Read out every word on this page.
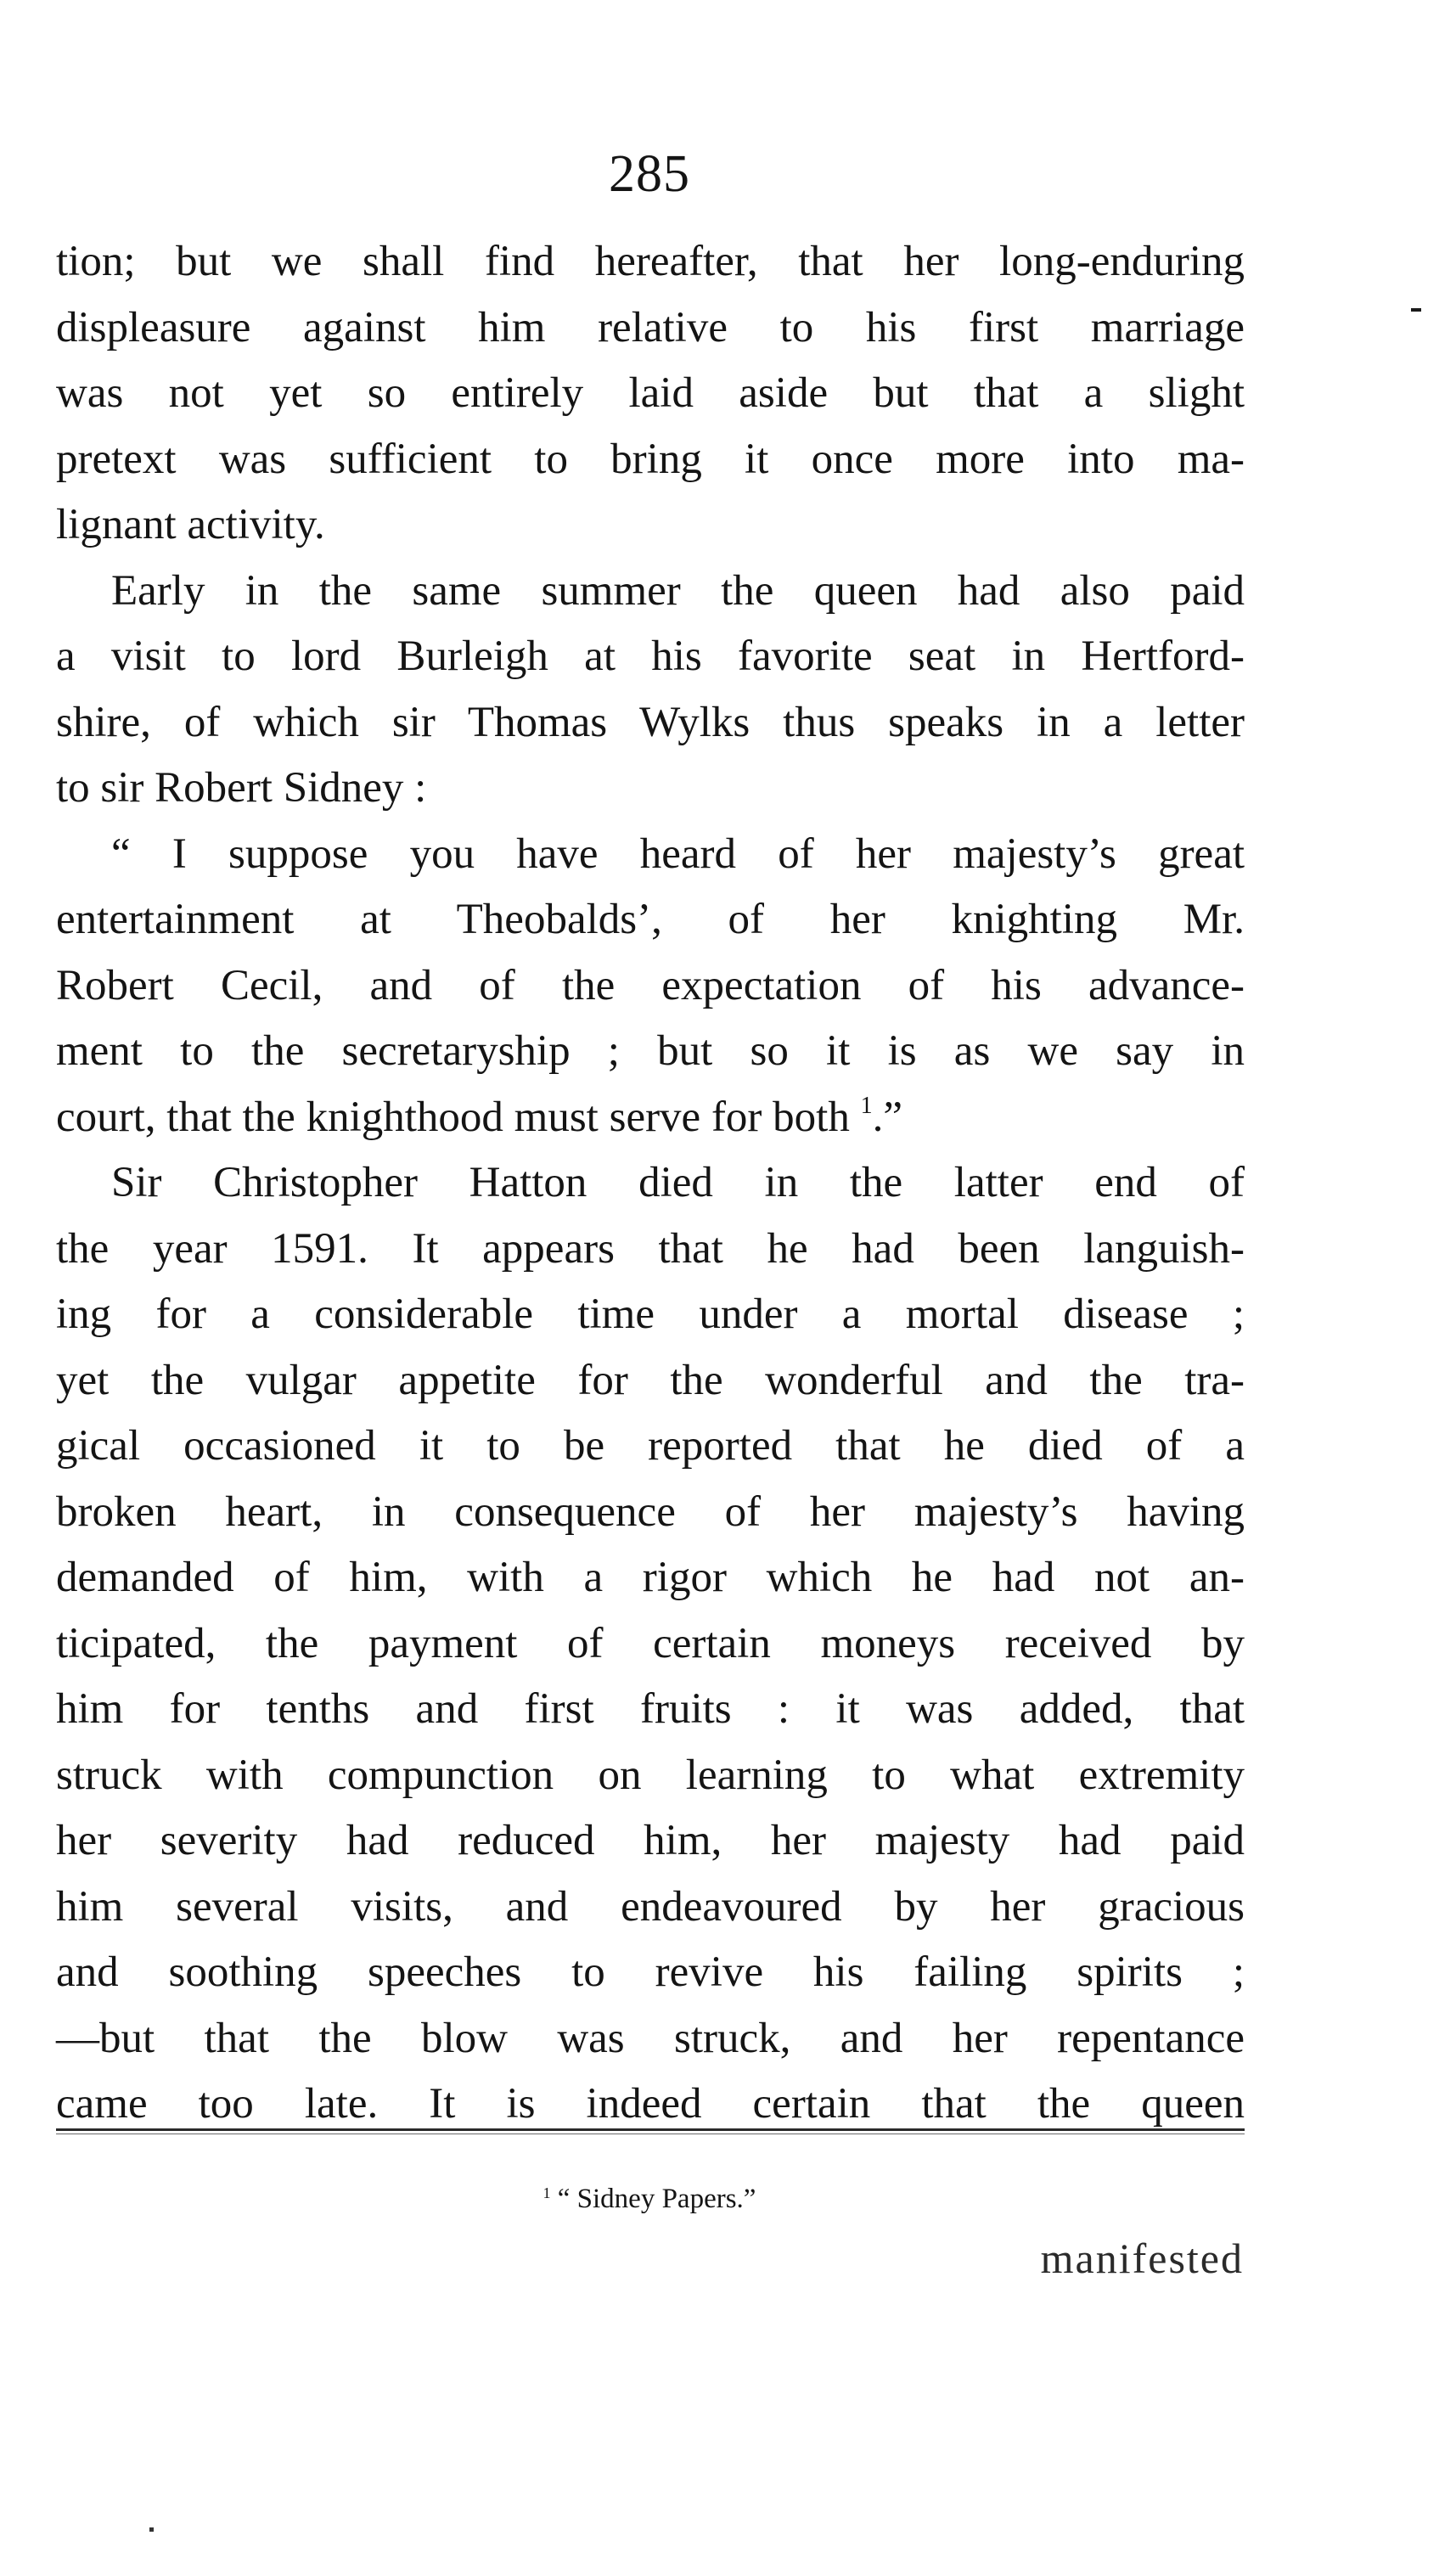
285
tion; but we shall find hereafter, that her long-enduring
displeasure against him relative to his first marriage
was not yet so entirely laid aside but that a slight
pretext was sufficient to bring it once more into ma-
lignant activity.
Early in the same summer the queen had also paid
a visit to lord Burleigh at his favorite seat in Hertford-
shire, of which sir Thomas Wylks thus speaks in a letter
to sir Robert Sidney :
“ I suppose you have heard of her majesty’s great
entertainment at Theobalds’, of her knighting Mr.
Robert Cecil, and of the expectation of his advance-
ment to the secretaryship ; but so it is as we say in
court, that the knighthood must serve for both $^1$.”
Sir Christopher Hatton died in the latter end of
the year 1591. It appears that he had been languish-
ing for a considerable time under a mortal disease ;
yet the vulgar appetite for the wonderful and the tra-
gical occasioned it to be reported that he died of a
broken heart, in consequence of her majesty’s having
demanded of him, with a rigor which he had not an-
ticipated, the payment of certain moneys received by
him for tenths and first fruits : it was added, that
struck with compunction on learning to what extremity
her severity had reduced him, her majesty had paid
him several visits, and endeavoured by her gracious
and soothing speeches to revive his failing spirits ;
—but that the blow was struck, and her repentance
came too late. It is indeed certain that the queen
$^1$ “ Sidney Papers.”
manifested
